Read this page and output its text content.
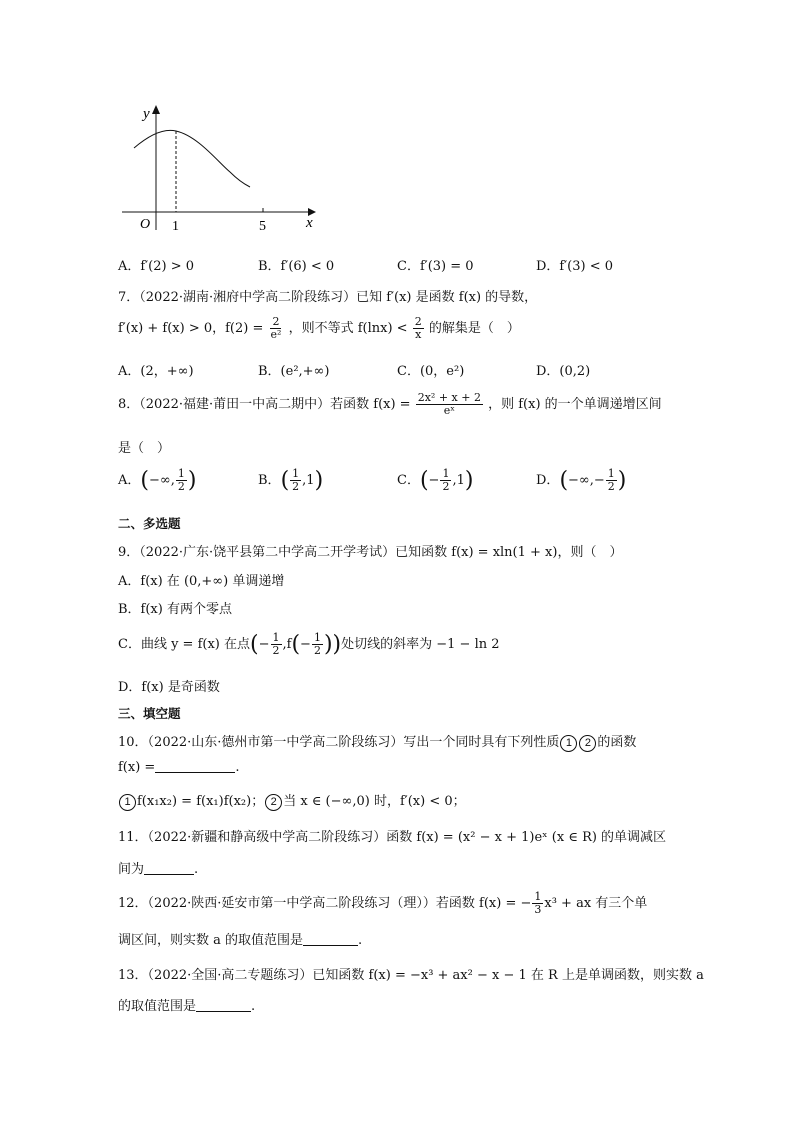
y
x
O 1	5
A．f′(2) > 0	B．f′(6) < 0	C．f′(3) = 0	D．f′(3) < 0
7．（2022·湖南·湘府中学高二阶段练习）已知 f′(x) 是函数 f(x) 的导数，
f′(x) + f(x) > 0，$f(2) = \frac{2}{\text{e²}}$ ，则不等式 $f(\ln x) < \frac{2}{x}$ 的解集是（　）
A．(2，+∞)	B．(e²,+∞)	C．(0，e²)	D．(0,2)
8．（2022·福建·莆田一中高二期中）若函数 $f(x) = \frac{\text{2x² + x + 2}}{\text{eˣ}}$ ，则 f(x) 的一个单调递增区间
是（　）
A．(−∞, $\frac{1}{2}$ )	B．( $\frac{1}{2} ,1$)	C．(− $\frac{1}{2} ,1$)	D．(−∞,− $\frac{1}{2}$ )
二、多选题
9．（2022·广东·饶平县第二中学高二开学考试）已知函数 f(x) = xln(1 + x)，则（　）
A．f(x) 在 (0,+∞) 单调递增
B．f(x) 有两个零点
C．曲线 y = f(x) 在点(− $\frac{1}{2} ,f(- \frac{1}{2}$ ))处切线的斜率为 −1 − ln 2
D．f(x) 是奇函数
三、填空题
10．（2022·山东·德州市第一中学高二阶段练习）写出一个同时具有下列性质 1 2 的函数
f(x) =	.
1 f(x₁x₂) = f(x₁)f(x₂)； 2 当 x ∈ (−∞,0) 时，f′(x) < 0；
11．（2022·新疆和静高级中学高二阶段练习）函数 f(x) = (x² − x + 1)eˣ (x ∈ R) 的单调减区
间为	.
12．（2022·陕西·延安市第一中学高二阶段练习（理））若函数 f(x) = − $\frac{1}{3} x^3$ + ax 有三个单
调区间，则实数 a 的取值范围是	.
13．（2022·全国·高二专题练习）已知函数 f(x) = −x³ + ax² − x − 1 在 R 上是单调函数，则实数 a
的取值范围是	.
